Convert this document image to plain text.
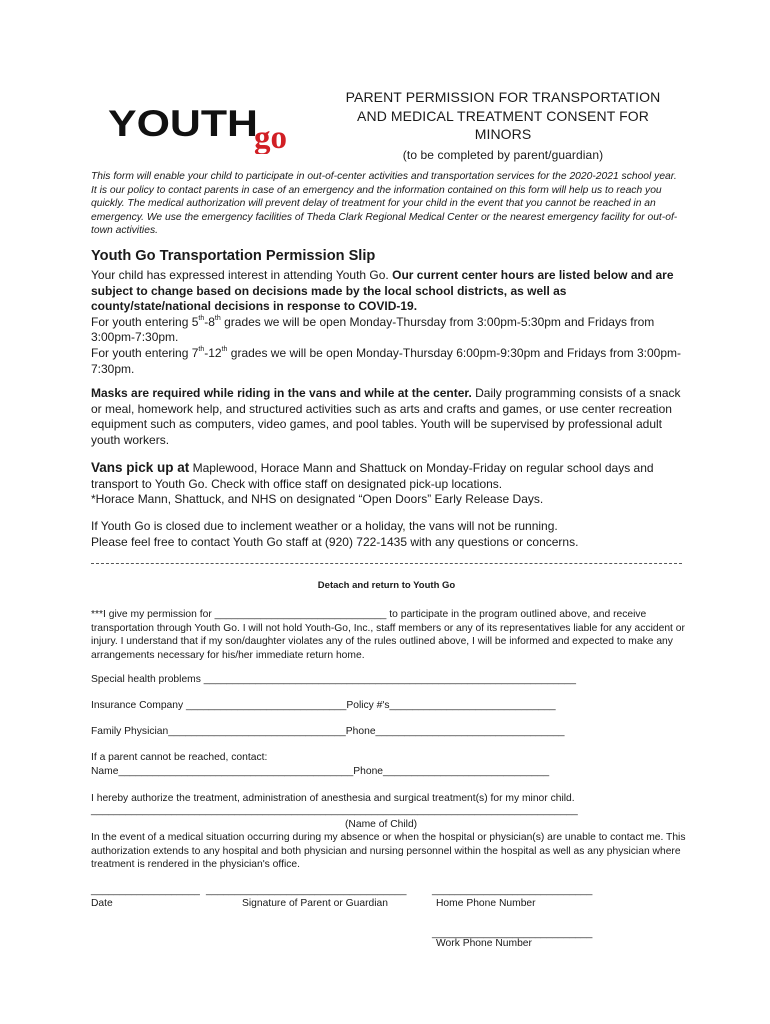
YOUTH
go
PARENT PERMISSION FOR TRANSPORTATION
AND MEDICAL TREATMENT CONSENT FOR
MINORS
(to be completed by parent/guardian)
This form will enable your child to participate in out-of-center activities and transportation services for the 2020-2021 school year. It is our policy to contact parents in case of an emergency and the information contained on this form will help us to reach you quickly. The medical authorization will prevent delay of treatment for your child in the event that you cannot be reached in an emergency. We use the emergency facilities of Theda Clark Regional Medical Center or the nearest emergency facility for out-of-town activities.
Youth Go Transportation Permission Slip
Your child has expressed interest in attending Youth Go. Our current center hours are listed below and are subject to change based on decisions made by the local school districts, as well as county/state/national decisions in response to COVID-19.
For youth entering 5th-8th grades we will be open Monday-Thursday from 3:00pm-5:30pm and Fridays from 3:00pm-7:30pm.
For youth entering 7th-12th grades we will be open Monday-Thursday 6:00pm-9:30pm and Fridays from 3:00pm-7:30pm.
Masks are required while riding in the vans and while at the center. Daily programming consists of a snack or meal, homework help, and structured activities such as arts and crafts and games, or use center recreation equipment such as computers, video games, and pool tables. Youth will be supervised by professional adult youth workers.
Vans pick up at Maplewood, Horace Mann and Shattuck on Monday-Friday on regular school days and transport to Youth Go. Check with office staff on designated pick-up locations.
*Horace Mann, Shattuck, and NHS on designated “Open Doors” Early Release Days.
If Youth Go is closed due to inclement weather or a holiday, the vans will not be running.
Please feel free to contact Youth Go staff at (920) 722-1435 with any questions or concerns.
Detach and return to Youth Go
***I give my permission for ______________________________ to participate in the program outlined above, and receive transportation through Youth Go. I will not hold Youth-Go, Inc., staff members or any of its representatives liable for any accident or injury. I understand that if my son/daughter violates any of the rules outlined above, I will be informed and expected to make any arrangements necessary for his/her immediate return home.
Special health problems _________________________________________________________________
Insurance Company ____________________________Policy #'s_____________________________
Family Physician_______________________________Phone_________________________________
If a parent cannot be reached, contact:
Name_________________________________________Phone_____________________________
I hereby authorize the treatment, administration of anesthesia and surgical treatment(s) for my minor child.
_____________________________________________________________________________________
(Name of Child)
In the event of a medical situation occurring during my absence or when the hospital or physician(s) are unable to contact me. This authorization extends to any hospital and both physician and nursing personnel within the hospital as well as any physician where treatment is rendered in the physician's office.
___________________ ___________________________________ ____________________________
Date	Signature of Parent or Guardian	Home Phone Number
____________________________
Work Phone Number
